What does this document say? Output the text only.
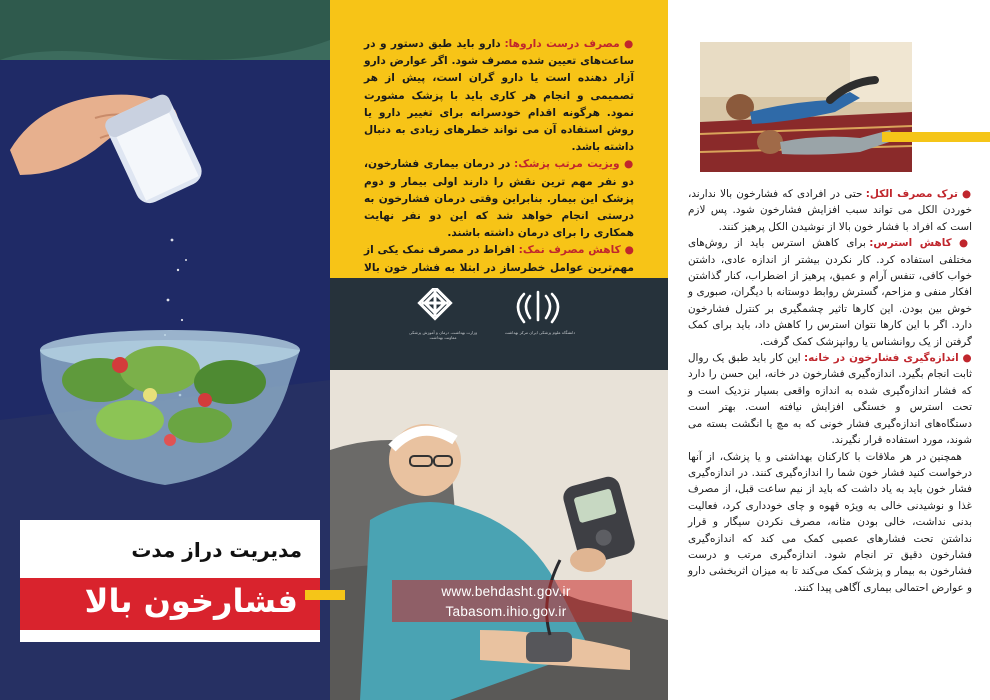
مدیریت دراز مدت
فشارخون بالا

● مصرف درست داروها: دارو باید طبق دستور و در ساعت‌های تعیین شده مصرف شود. اگر عوارض دارو آزار دهنده است یا دارو گران است، پیش از هر تصمیمی و انجام هر کاری باید با پزشک مشورت نمود. هرگونه اقدام خودسرانه برای تغییر دارو یا روش استفاده آن می تواند خطرهای زیادی به دنبال داشته باشد.

● ویزیت مرتب پزشک: در درمان بیماری فشارخون، دو نفر مهم ترین نقش را دارند اولی بیمار و دوم پزشک این بیمار. بنابراین وقتی درمان فشارخون به درستی انجام خواهد شد که این دو نفر نهایت همکاری را برای درمان داشته باشند.

● کاهش مصرف نمک: افراط در مصرف نمک یکی از مهم‌ترین عوامل خطرساز در ابتلا به فشار خون بالا

وزارت بهداشت، درمان و آموزش پزشکی معاونت بهداشت
دانشگاه علوم پزشکی ایران مرکز بهداشت
www.behdasht.gov.ir
Tabasom.ihio.gov.ir

● ترک مصرف الکل: حتی در افرادی که فشارخون بالا ندارند، خوردن الکل می تواند سبب افزایش فشارخون شود. پس لازم است که افراد با فشار خون بالا از نوشیدن الکل پرهیز کنند.

● کاهش استرس: برای کاهش استرس باید از روش‌های مختلفی استفاده کرد. کار نکردن بیشتر از اندازه عادی، داشتن خواب کافی، تنفس آرام و عمیق، پرهیز از اضطراب، کنار گذاشتن افکار منفی و مزاحم، گسترش روابط دوستانه با دیگران، صبوری و خوش بین بودن. این کارها تاثیر چشمگیری بر کنترل فشارخون دارد. اگر با این کارها نتوان استرس را کاهش داد، باید برای کمک گرفتن از یک روانشناس یا روانپزشک کمک گرفت.

● اندازه‌گیری فشارخون در خانه: این کار باید طبق یک روال ثابت انجام بگیرد. اندازه‌گیری فشارخون در خانه، این حسن را دارد که فشار اندازه‌گیری شده به اندازه واقعی بسیار نزدیک است و تحت استرس و خستگی افزایش نیافته است. بهتر است دستگاه‌های اندازه‌گیری فشار خونی که به مچ یا انگشت بسته می شوند، مورد استفاده قرار نگیرند.

همچنین در هر ملاقات با کارکنان بهداشتی و یا پزشک، از آنها درخواست کنید فشار خون شما را اندازه‌گیری کنند. در اندازه‌گیری فشار خون باید به یاد داشت که باید از نیم ساعت قبل، از مصرف غذا و نوشیدنی خالی به ویژه قهوه و چای خودداری کرد، فعالیت بدنی نداشت، خالی بودن مثانه، مصرف نکردن سیگار و قرار نداشتن تحت فشارهای عصبی کمک می کند که اندازه‌گیری فشارخون دقیق تر انجام شود. اندازه‌گیری مرتب و درست فشارخون به بیمار و پزشک کمک می‌کند تا به میزان اثربخشی دارو و عوارض احتمالی بیماری آگاهی پیدا کنند.
